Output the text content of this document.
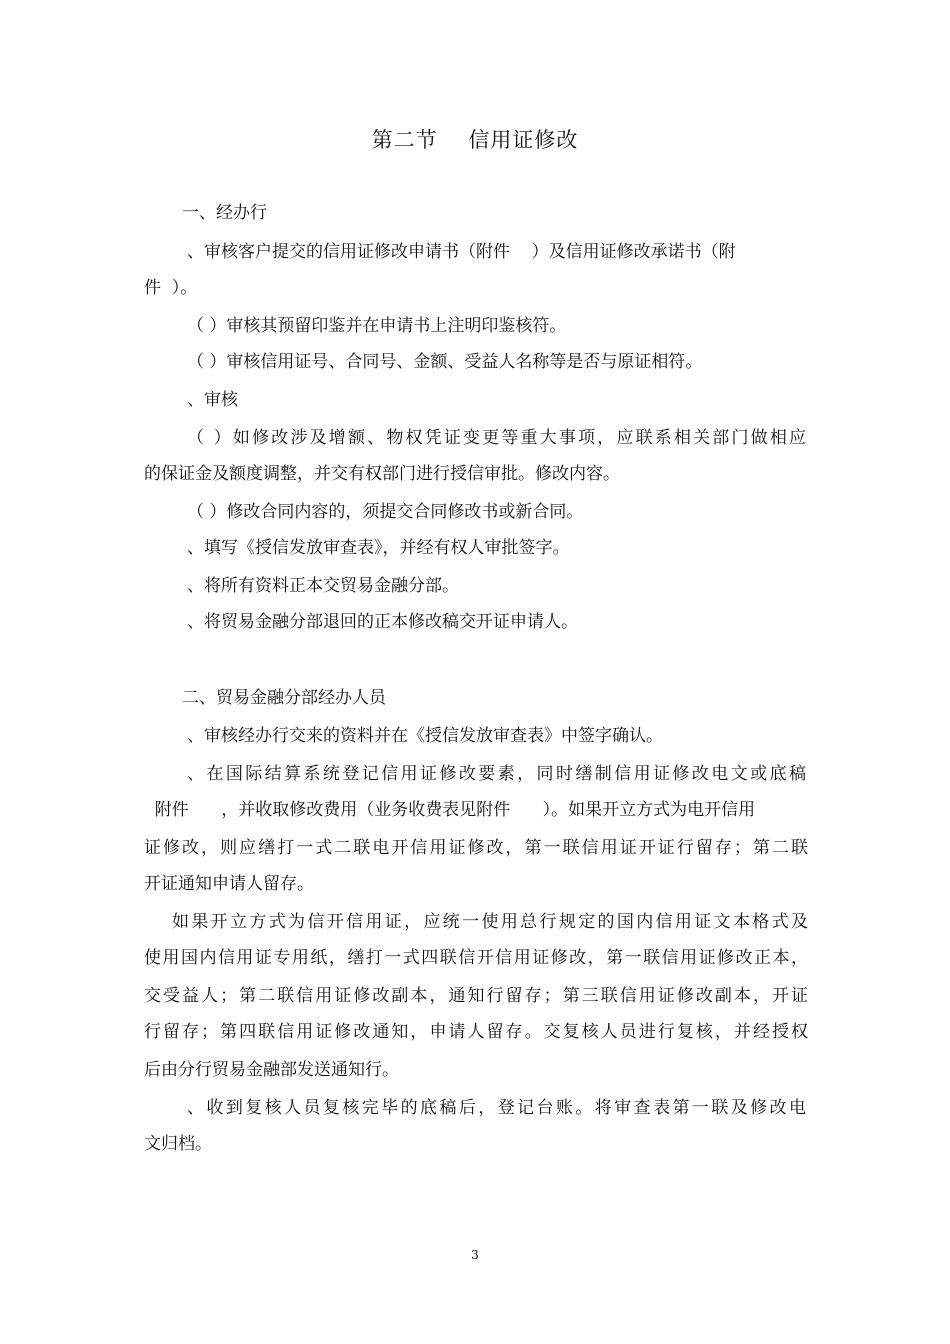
第二节    信用证修改
一、经办行
、审核客户提交的信用证修改申请书（附件    ）及信用证修改承诺书（附
件  ）。
（ ）审核其预留印鉴并在申请书上注明印鉴核符。
（ ）审核信用证号、合同号、金额、受益人名称等是否与原证相符。
、审核
（ ）如修改涉及增额、物权凭证变更等重大事项，应联系相关部门做相应
的保证金及额度调整，并交有权部门进行授信审批。修改内容。
（ ）修改合同内容的，须提交合同修改书或新合同。
、填写《授信发放审查表》，并经有权人审批签字。
、将所有资料正本交贸易金融分部。
、将贸易金融分部退回的正本修改稿交开证申请人。
二、贸易金融分部经办人员
、审核经办行交来的资料并在《授信发放审查表》中签字确认。
、在国际结算系统登记信用证修改要素，同时缮制信用证修改电文或底稿
附件      ，并收取修改费用（业务收费表见附件      ）。如果开立方式为电开信用
证修改，则应缮打一式二联电开信用证修改，第一联信用证开证行留存；第二联
开证通知申请人留存。
如果开立方式为信开信用证，应统一使用总行规定的国内信用证文本格式及
使用国内信用证专用纸，缮打一式四联信开信用证修改，第一联信用证修改正本，
交受益人；第二联信用证修改副本，通知行留存；第三联信用证修改副本，开证
行留存；第四联信用证修改通知，申请人留存。交复核人员进行复核，并经授权
后由分行贸易金融部发送通知行。
、收到复核人员复核完毕的底稿后，登记台账。将审查表第一联及修改电
文归档。
3
